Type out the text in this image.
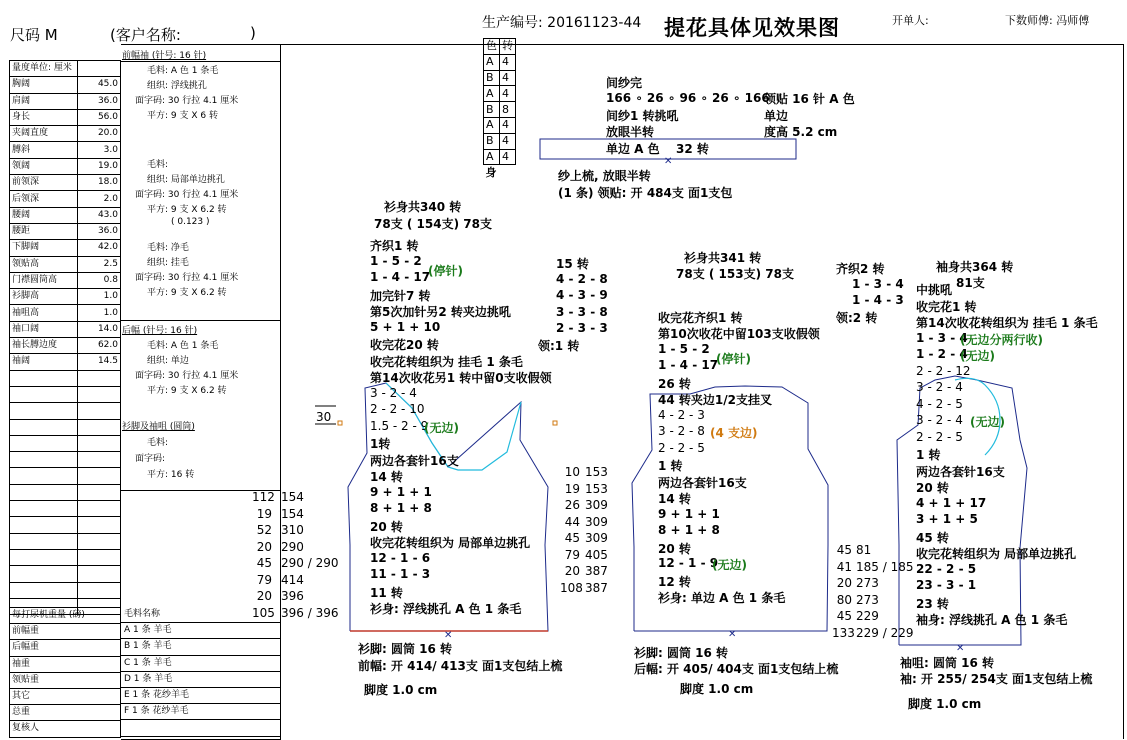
尺码 M	(客户名称:	)
生产编号: 20161123-44 提花具体见效果图	开单人:	下数师傅: 冯师傅
量度单位: 厘米	
胸阔	45.0
肩阔	36.0
身长	56.0
夹阔直度	20.0
膊斜	3.0
领阔	19.0
前领深	18.0
后领深	2.0
腰阔	43.0
腰距	36.0
下脚阔	42.0
领贴高	2.5
门襟圆筒高	0.8
衫脚高	1.0
袖咀高	1.0
袖口阔	14.0
袖长膊边度	62.0
袖阔	14.5

前幅袖 (针号: 16 针)
毛料: A 色 1 条毛
组织: 浮线挑孔
面字码: 30 行拉 4.1 厘米
平方: 9 支 X 6 转
毛料:
组织: 局部单边挑孔
面字码: 30 行拉 4.1 厘米
平方: 9 支 X 6.2 转
( 0.123 )
毛料: 净毛
组织: 挂毛
面字码: 30 行拉 4.1 厘米
平方: 9 支 X 6.2 转
后幅 (针号: 16 针)
毛料: A 色 1 条毛
组织: 单边
面字码: 30 行拉 4.1 厘米
平方: 9 支 X 6.2 转
衫脚及袖咀 (圆筒)
毛料:
面字码:
平方: 16 转
112 154
19 154
52 310
20 290
45 290 / 290
79 414
20 396
105 396 / 396
每打尿机重量 (磅)
前幅重
后幅重
袖重
领贴重
其它
总重
复核人
毛料名称
A 1 条 羊毛
B 1 条 羊毛
C 1 条 羊毛
D 1 条 羊毛
E 1 条 花纱羊毛
F 1 条 花纱羊毛

色	转
A	4
B	4
A	4
B	8
A	4
B	4
A	4
身	
✕	✕
✕
✕
间纱完
166 ∘ 26 ∘ 96 ∘ 26 ∘ 166
间纱1 转挑吼
放眼半转
单边 A 色 32 转
领贴 16 针 A 色
单边
度高 5.2 cm
纱上梳, 放眼半转
(1 条) 领贴: 开 484支 面1支包
衫身共340 转
78支 ( 154支) 78支
齐织1 转
1 - 5 - 2
1 - 4 - 17
(停针)
加完针7 转
第5次加针另2 转夹边挑吼
5 + 1 + 10
收完花20 转
收完花转组织为 挂毛 1 条毛
第14次收花另1 转中留0支收假领
3 - 2 - 4
2 - 2 - 10
1.5 - 2 - 9
(无边)
1转
两边各套针16支
14 转
9 + 1 + 1
8 + 1 + 8
20 转
收完花转组织为 局部单边挑孔
12 - 1 - 6
11 - 1 - 3
11 转
衫身: 浮线挑孔 A 色 1 条毛
30
衫脚: 圆筒 16 转
前幅: 开 414/ 413支 面1支包结上梳
脚度 1.0 cm
15 转
4 - 2 - 8
4 - 3 - 9
3 - 3 - 8
2 - 3 - 3
领:1 转
10 153
19 153
26 309
44 309
45 309
79 405
20 387
108 387
衫身共341 转
78支 ( 153支) 78支
收完花齐织1 转
第10次收花中留103支收假领
1 - 5 - 2
1 - 4 - 17
(停针)
26 转
44 转夹边1/2支挂叉
4 - 2 - 3
3 - 2 - 8 (4 支边)
2 - 2 - 5
1 转
两边各套针16支
14 转
9 + 1 + 1
8 + 1 + 8
20 转
12 - 1 - 9
(无边)
12 转
衫身: 单边 A 色 1 条毛
衫脚: 圆筒 16 转
后幅: 开 405/ 404支 面1支包结上梳
脚度 1.0 cm
45 81
41 185 / 185
20 273
80 273
45 229
133 229 / 229
齐织2 转
1 - 3 - 4
1 - 4 - 3
领:2 转
袖身共364 转
中挑吼 81支
收完花1 转
第14次收花转组织为 挂毛 1 条毛
1 - 3 - 4
(无边分两行收)
1 - 2 - 4
(无边)
2 - 2 - 12
3 - 2 - 4
4 - 2 - 5
3 - 2 - 4 (无边)
2 - 2 - 5
1 转
两边各套针16支
20 转
4 + 1 + 17
3 + 1 + 5
45 转
收完花转组织为 局部单边挑孔
22 - 2 - 5
23 - 3 - 1
23 转
袖身: 浮线挑孔 A 色 1 条毛
袖咀: 圆筒 16 转
袖: 开 255/ 254支 面1支包结上梳
脚度 1.0 cm
